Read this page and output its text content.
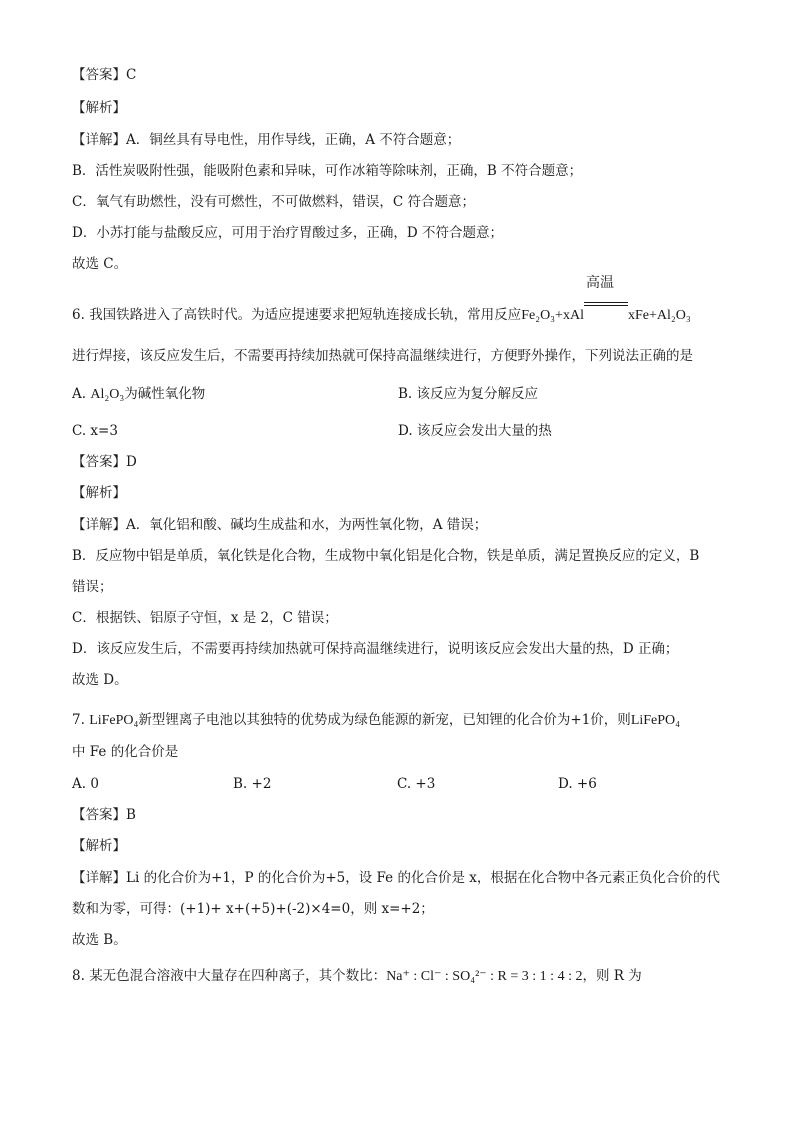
【答案】C
【解析】
【详解】A．铜丝具有导电性，用作导线，正确，A 不符合题意；
B．活性炭吸附性强，能吸附色素和异味，可作冰箱等除味剂，正确，B 不符合题意；
C．氧气有助燃性，没有可燃性，不可做燃料，错误，C 符合题意；
D．小苏打能与盐酸反应，可用于治疗胃酸过多，正确，D 不符合题意；
故选 C。
6. 我国铁路进入了高铁时代。为适应提速要求把短轨连接成长轨，常用反应Fe₂O₃+xAl
高温
xFe+Al₂O₃
进行焊接，该反应发生后，不需要再持续加热就可保持高温继续进行，方便野外操作，下列说法正确的是
A. Al₂O₃为碱性氧化物	B. 该反应为复分解反应
C. x=3	D. 该反应会发出大量的热
【答案】D
【解析】
【详解】A．氧化铝和酸、碱均生成盐和水，为两性氧化物，A 错误；
B．反应物中铝是单质，氧化铁是化合物，生成物中氧化铝是化合物，铁是单质，满足置换反应的定义，B
错误；
C．根据铁、铝原子守恒，x 是 2，C 错误；
D．该反应发生后，不需要再持续加热就可保持高温继续进行，说明该反应会发出大量的热，D 正确；
故选 D。
7. LiFePO₄新型锂离子电池以其独特的优势成为绿色能源的新宠，已知锂的化合价为+1价，则LiFePO₄
中 Fe 的化合价是
A. 0	B. +2	C. +3	D. +6
【答案】B
【解析】
【详解】Li 的化合价为+1，P 的化合价为+5，设 Fe 的化合价是 x，根据在化合物中各元素正负化合价的代
数和为零，可得：(+1)+ x+(+5)+(-2)×4=0，则 x=+2；
故选 B。
8. 某无色混合溶液中大量存在四种离子，其个数比：Na⁺ : Cl⁻ : SO₄²⁻ : R = 3 : 1 : 4 : 2，则 R 为
